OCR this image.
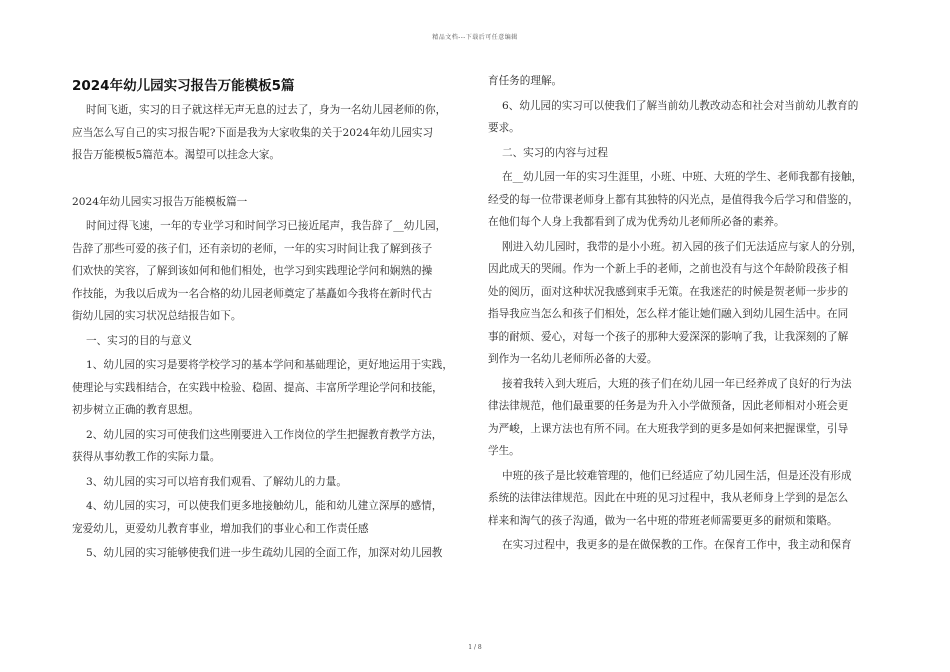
精品文档---下载后可任意编辑
2024年幼儿园实习报告万能模板5篇
时间飞逝，实习的日子就这样无声无息的过去了，身为一名幼儿园老师的你，
应当怎么写自己的实习报告呢?下面是我为大家收集的关于2024年幼儿园实习
报告万能模板5篇范本。渴望可以挂念大家。
2024年幼儿园实习报告万能模板篇一
时间过得飞速，一年的专业学习和时间学习已接近尾声，我告辞了__幼儿园，
告辞了那些可爱的孩子们，还有亲切的老师，一年的实习时间让我了解到孩子
们欢快的笑容，了解到该如何和他们相处，也学习到实践理论学问和娴熟的操
作技能，为我以后成为一名合格的幼儿园老师奠定了基矗如今我将在新时代古
街幼儿园的实习状况总结报告如下。
一、实习的目的与意义
1、幼儿园的实习是要将学校学习的基本学问和基础理论，更好地运用于实践，
使理论与实践相结合，在实践中检验、稳固、提高、丰富所学理论学问和技能，
初步树立正确的教育思想。
2、幼儿园的实习可使我们这些刚要进入工作岗位的学生把握教育教学方法，
获得从事幼教工作的实际力量。
3、幼儿园的实习可以培育我们观看、了解幼儿的力量。
4、幼儿园的实习，可以使我们更多地接触幼儿，能和幼儿建立深厚的感情，
宠爱幼儿，更爱幼儿教育事业，增加我们的事业心和工作责任感
5、幼儿园的实习能够使我们进一步生疏幼儿园的全面工作，加深对幼儿园教
育任务的理解。
6、幼儿园的实习可以使我们了解当前幼儿教改动态和社会对当前幼儿教育的
要求。
二、实习的内容与过程
在__幼儿园一年的实习生涯里，小班、中班、大班的学生、老师我都有接触，
经受的每一位带课老师身上都有其独特的闪光点，是值得我今后学习和借鉴的，
在他们每个人身上我都看到了成为优秀幼儿老师所必备的素养。
刚进入幼儿园时，我带的是小小班。初入园的孩子们无法适应与家人的分别，
因此成天的哭闹。作为一个新上手的老师，之前也没有与这个年龄阶段孩子相
处的阅历，面对这种状况我感到束手无策。在我迷茫的时候是贺老师一步步的
指导我应当怎么和孩子们相处，怎么样才能让她们融入到幼儿园生活中。在同
事的耐烦、爱心，对每一个孩子的那种大爱深深的影响了我，让我深刻的了解
到作为一名幼儿老师所必备的大爱。
接着我转入到大班后，大班的孩子们在幼儿园一年已经养成了良好的行为法
律法律规范，他们最重要的任务是为升入小学做预备，因此老师相对小班会更
为严峻，上课方法也有所不同。在大班我学到的更多是如何来把握课堂，引导
学生。
中班的孩子是比较难管理的，他们已经适应了幼儿园生活，但是还没有形成
系统的法律法律规范。因此在中班的见习过程中，我从老师身上学到的是怎么
样来和淘气的孩子沟通，做为一名中班的带班老师需要更多的耐烦和策略。
在实习过程中，我更多的是在做保教的工作。在保育工作中，我主动和保育
1 / 8
